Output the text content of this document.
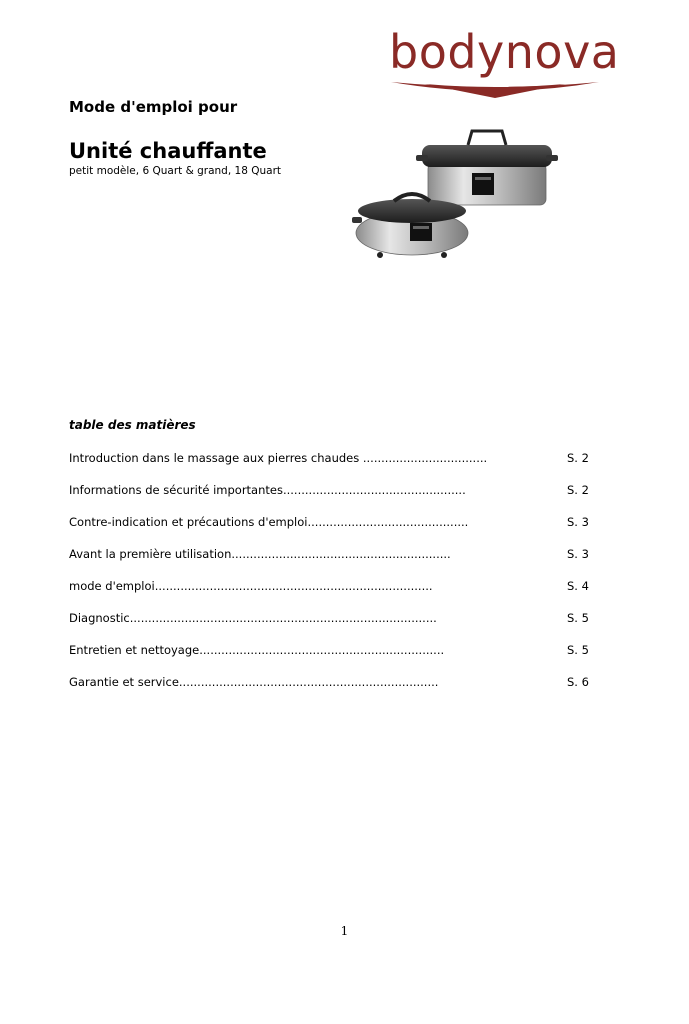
bodynova
Mode d'emploi pour
Unité chauffante
petit modèle, 6 Quart & grand, 18 Quart
table des matières
Introduction dans le massage aux pierres chaudes ..................................	S. 2
Informations de sécurité importantes..................................................	S. 2
Contre-indication et précautions d'emploi............................................	S. 3
Avant la première utilisation............................................................	S. 3
mode d'emploi............................................................................	S. 4
Diagnostic....................................................................................	S. 5
Entretien et nettoyage...................................................................	S. 5
Garantie et service.......................................................................	S. 6
1
